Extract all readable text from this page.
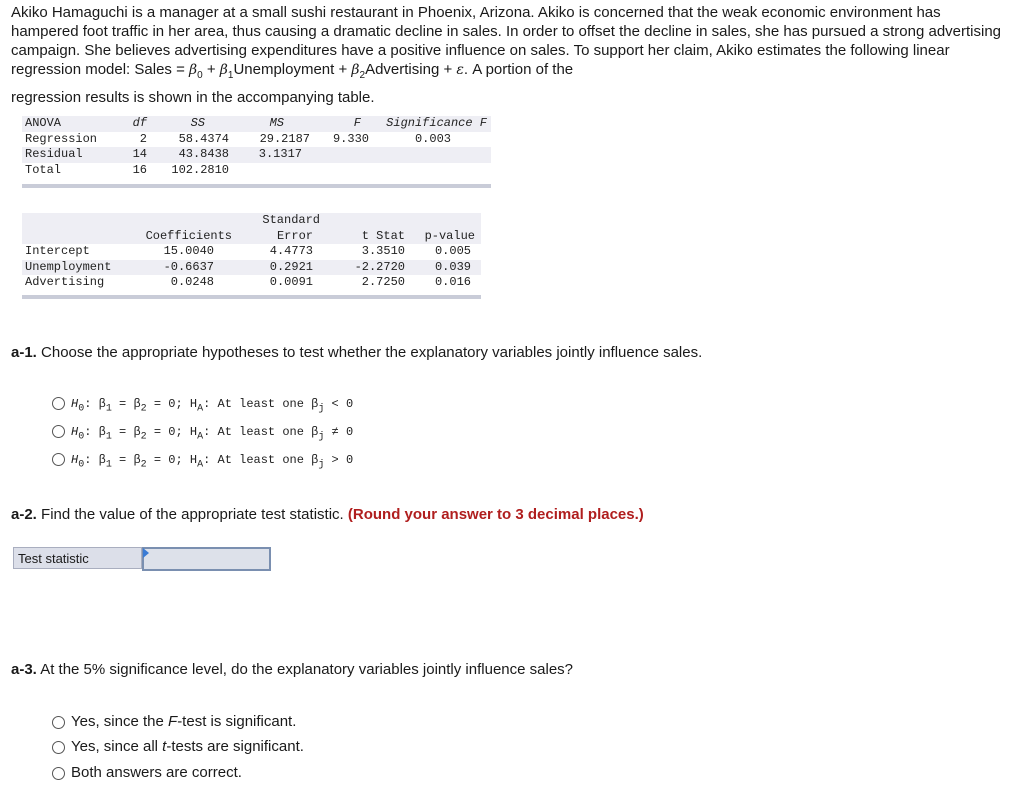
Akiko Hamaguchi is a manager at a small sushi restaurant in Phoenix, Arizona. Akiko is concerned that the weak economic environment has hampered foot traffic in her area, thus causing a dramatic decline in sales. In order to offset the decline in sales, she has pursued a strong advertising campaign. She believes advertising expenditures have a positive influence on sales. To support her claim, Akiko estimates the following linear regression model: Sales = $\beta_0$ + $\beta_1Unemployment$ + $\beta_2Advertising + \varepsilon$. A portion of the

regression results is shown in the accompanying table.

ANOVA	df	SS	MS	F	Significance F
Regression	2	58.4374	29.2187	9.330	0.003
Residual	14	43.8438	3.1317		
Total	16	102.2810			

		Standard		
	Coefficients	Error	t Stat	p-value
Intercept	15.0040	4.4773	3.3510	0.005
Unemployment	-0.6637	0.2921	-2.2720	0.039
Advertising	0.0248	0.0091	2.7250	0.016

a-1. Choose the appropriate hypotheses to test whether the explanatory variables jointly influence sales.
$H_0$: $\beta_1 = \beta_2 = 0$; $H_A$: At least one $\beta_j < 0$
$H_0$: $\beta_1 = \beta_2 = 0$; $H_A$: At least one $\beta_j \ne 0$
$H_0$: $\beta_1 = \beta_2 = 0$; $H_A$: At least one $\beta_j > 0$
a-2. Find the value of the appropriate test statistic. (Round your answer to 3 decimal places.)
Test statistic
a-3. At the 5% significance level, do the explanatory variables jointly influence sales?
Yes, since the F-test is significant.
Yes, since all t-tests are significant.
Both answers are correct.
